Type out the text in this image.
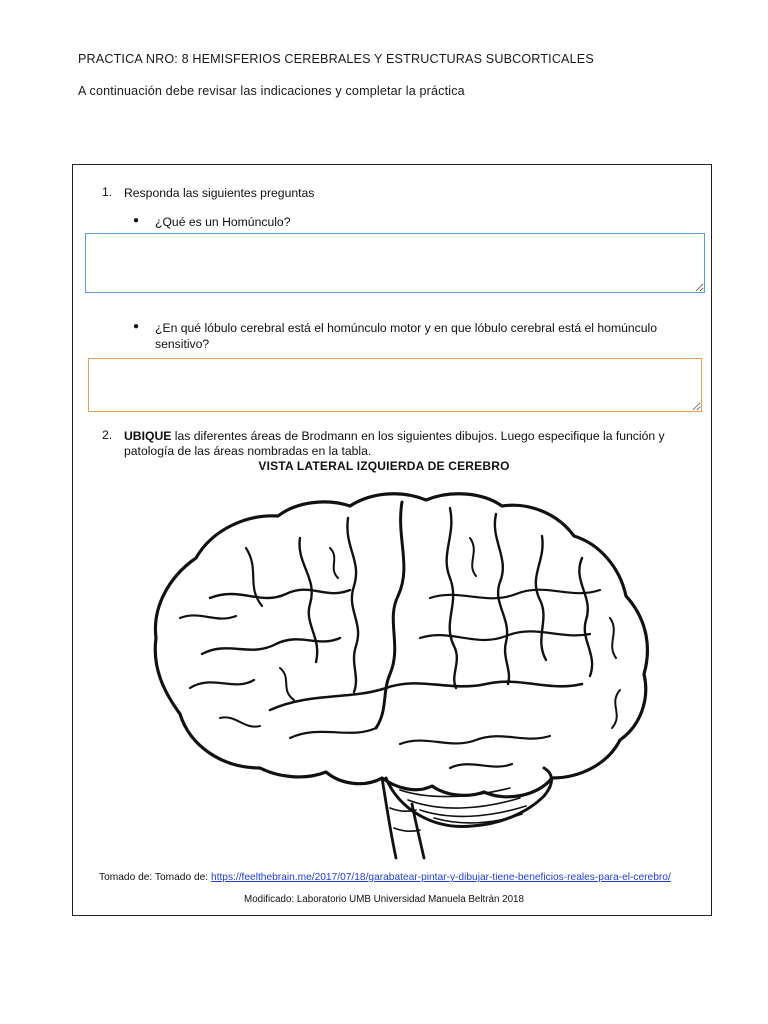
PRACTICA NRO: 8 HEMISFERIOS CEREBRALES Y ESTRUCTURAS SUBCORTICALES
A continuación debe revisar las indicaciones y completar la práctica
1. Responda las siguientes preguntas
● ¿Qué es un Homúnculo?
● ¿En qué lóbulo cerebral está el homúnculo motor y en que lóbulo cerebral está el homúnculo
sensitivo?
2. UBIQUE las diferentes áreas de Brodmann en los siguientes dibujos. Luego especifique la función y
patología de las áreas nombradas en la tabla.
VISTA LATERAL IZQUIERDA DE CEREBRO
Tomado de: Tomado de: https://feelthebrain.me/2017/07/18/garabatear-pintar-y-dibujar-tiene-beneficios-reales-para-el-cerebro/
Modificado: Laboratorio UMB Universidad Manuela Beltrán 2018
